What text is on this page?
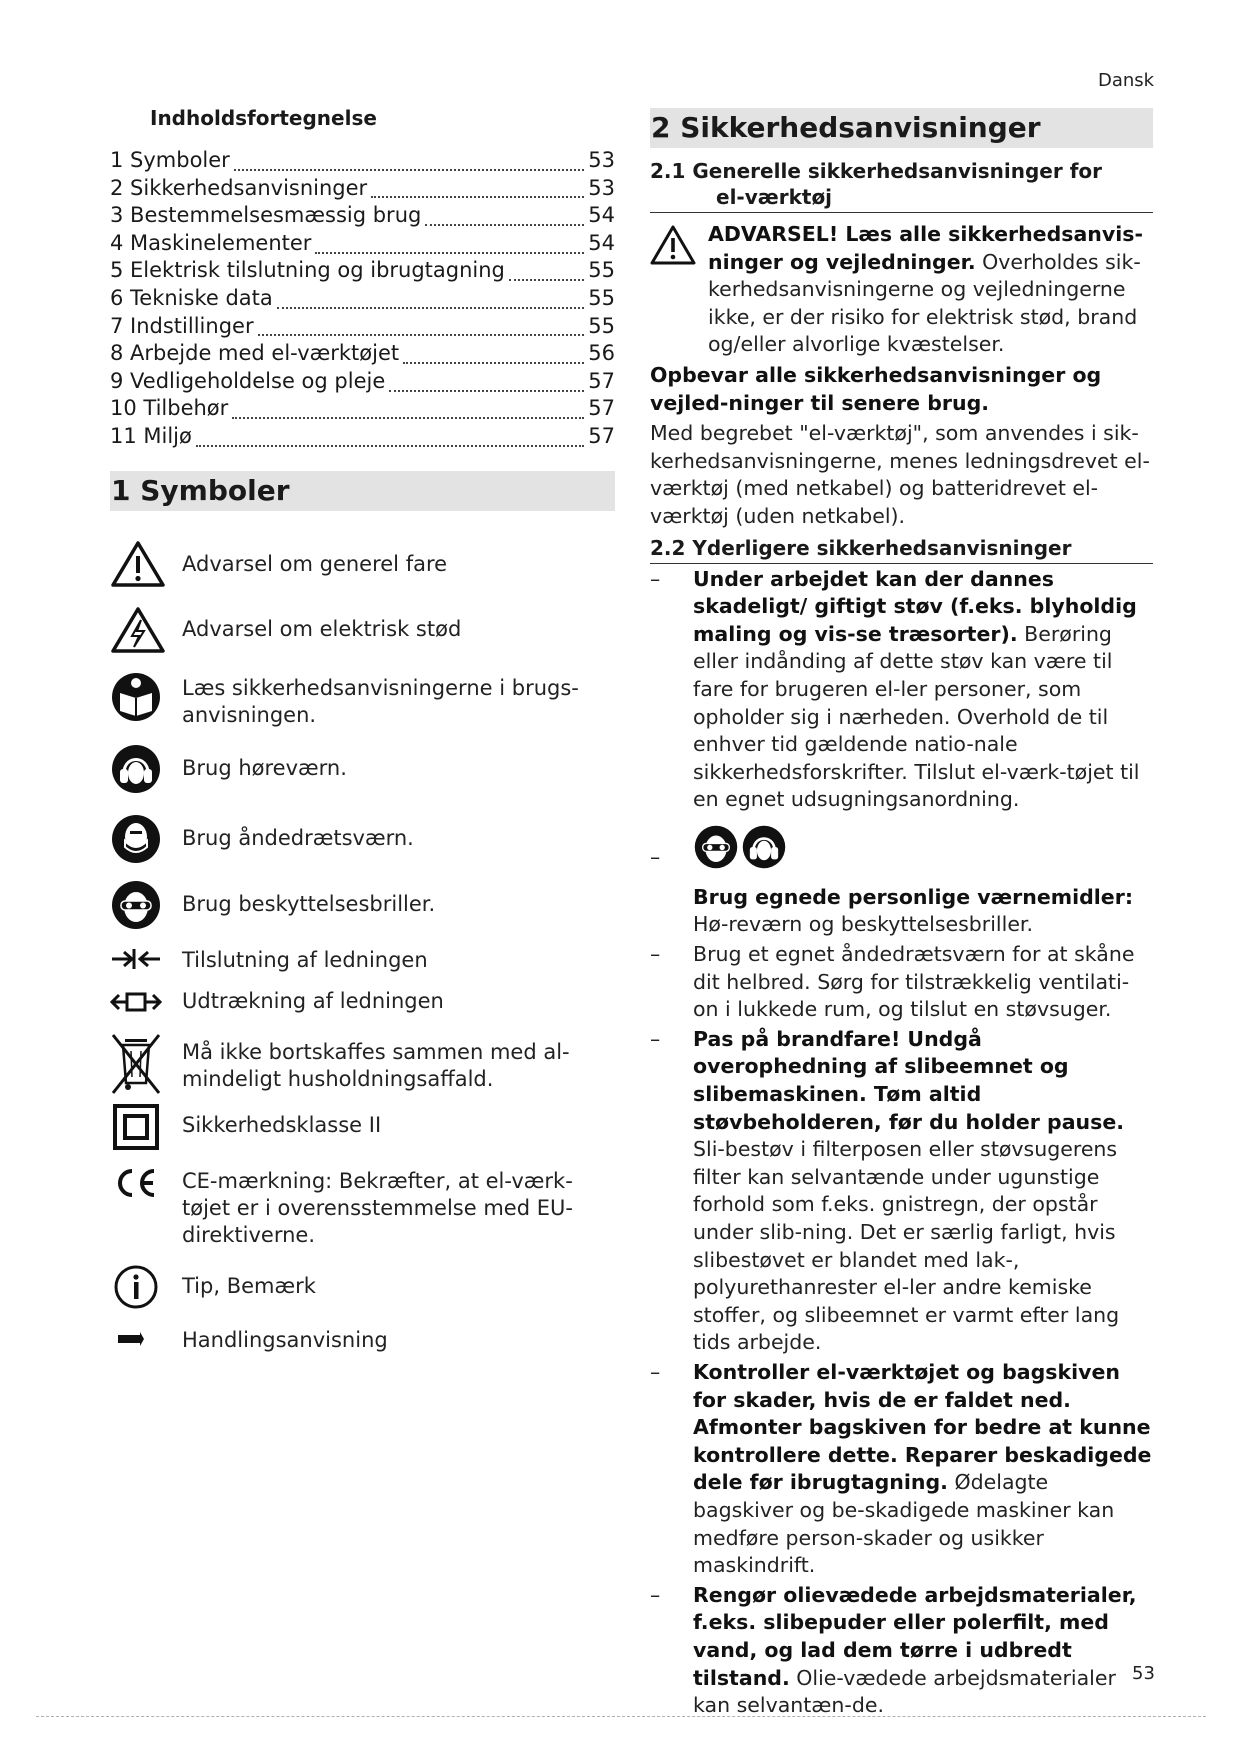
Dansk
Indholdsfortegnelse
1 Symboler	53
2 Sikkerhedsanvisninger	53
3 Bestemmelsesmæssig brug	54
4 Maskinelementer	54
5 Elektrisk tilslutning og ibrugtagning	55
6 Tekniske data	55
7 Indstillinger	55
8 Arbejde med el-værktøjet	56
9 Vedligeholdelse og pleje	57
10 Tilbehør	57
11 Miljø	57
1 Symboler
Advarsel om generel fare
Advarsel om elektrisk stød
Læs sikkerhedsanvisningerne i brugs-anvisningen.
Brug høreværn.
Brug åndedrætsværn.
Brug beskyttelsesbriller.
Tilslutning af ledningen
Udtrækning af ledningen
Må ikke bortskaffes sammen med al-mindeligt husholdningsaffald.
Sikkerhedsklasse II
CE-mærkning: Bekræfter, at el-værk-tøjet er i overensstemmelse med EU-direktiverne.
Tip, Bemærk
Handlingsanvisning
2 Sikkerhedsanvisninger
2.1 Generelle sikkerhedsanvisninger for
el-værktøj
ADVARSEL! Læs alle sikkerhedsanvis-ninger og vejledninger. Overholdes sik-kerhedsanvisningerne og vejledningerne ikke, er der risiko for elektrisk stød, brand og/eller alvorlige kvæstelser.
Opbevar alle sikkerhedsanvisninger og vejled-ninger til senere brug.
Med begrebet "el-værktøj", som anvendes i sik-kerhedsanvisningerne, menes ledningsdrevet el-værktøj (med netkabel) og batteridrevet el-værktøj (uden netkabel).
2.2 Yderligere sikkerhedsanvisninger
– Under arbejdet kan der dannes skadeligt/ giftigt støv (f.eks. blyholdig maling og vis-se træsorter). Berøring eller indånding af dette støv kan være til fare for brugeren el-ler personer, som opholder sig i nærheden. Overhold de til enhver tid gældende natio-nale sikkerhedsforskrifter. Tilslut el-værk-tøjet til en egnet udsugningsanordning.
–
Brug egnede personlige værnemidler: Hø-reværn og beskyttelsesbriller.
– Brug et egnet åndedrætsværn for at skåne dit helbred. Sørg for tilstrækkelig ventilati-on i lukkede rum, og tilslut en støvsuger.
– Pas på brandfare! Undgå overophedning af slibeemnet og slibemaskinen. Tøm altid støvbeholderen, før du holder pause. Sli-bestøv i filterposen eller støvsugerens filter kan selvantænde under ugunstige forhold som f.eks. gnistregn, der opstår under slib-ning. Det er særlig farligt, hvis slibestøvet er blandet med lak-, polyurethanrester el-ler andre kemiske stoffer, og slibeemnet er varmt efter lang tids arbejde.
– Kontroller el-værktøjet og bagskiven for skader, hvis de er faldet ned. Afmonter bagskiven for bedre at kunne kontrollere dette. Reparer beskadigede dele før ibrugtagning. Ødelagte bagskiver og be-skadigede maskiner kan medføre person-skader og usikker maskindrift.
– Rengør olievædede arbejdsmaterialer, f.eks. slibepuder eller polerfilt, med vand, og lad dem tørre i udbredt tilstand. Olie-vædede arbejdsmaterialer kan selvantæn-de.
53
